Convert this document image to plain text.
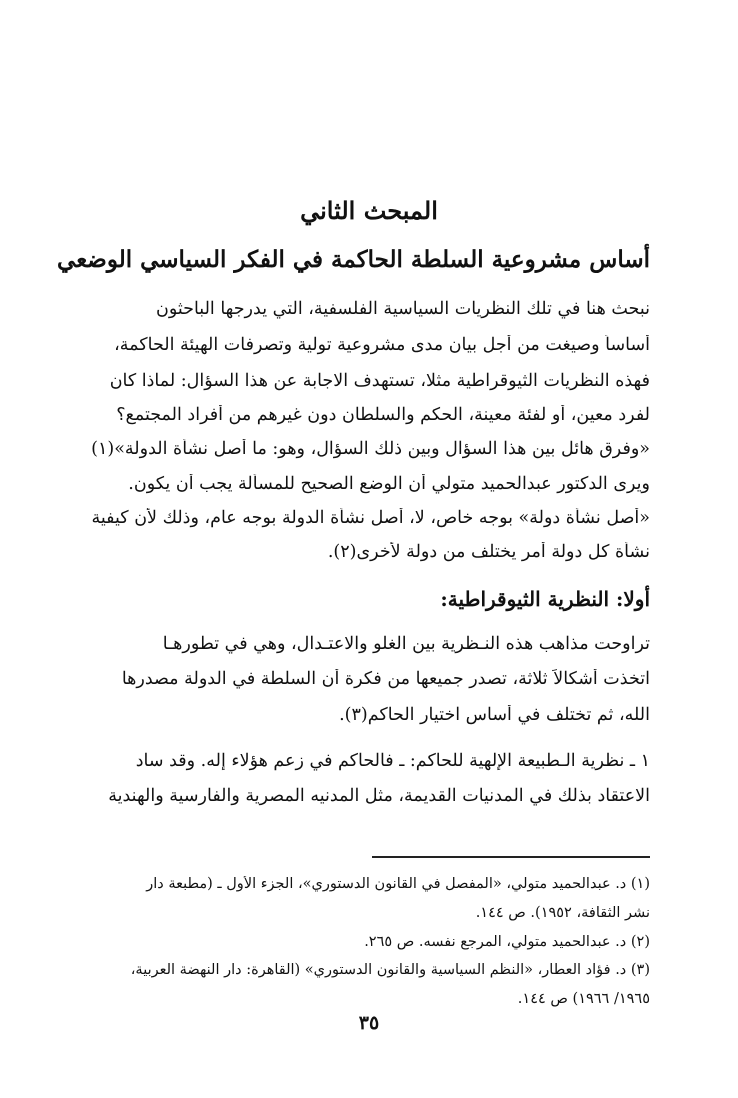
المبحث الثاني
أساس مشروعية السلطة الحاكمة في الفكر السياسي الوضعي

نبحث هنا في تلك النظريات السياسية الفلسفية، التي يدرجها الباحثون

أساساً وصيغت من أجل بيان مدى مشروعية تولية وتصرفات الهيئة الحاكمة،

فهذه النظريات الثيوقراطية مثلا، تستهدف الاجابة عن هذا السؤال: لماذا كان

لفرد معين، أو لفئة معينة، الحكم والسلطان دون غيرهم من أفراد المجتمع؟

«وفرق هائل بين هذا السؤال وبين ذلك السؤال، وهو: ما أصل نشأة الدولة»(١)

ويرى الدكتور عبدالحميد متولي أن الوضع الصحيح للمسألة يجب أن يكون.

«أصل نشأة دولة» بوجه خاص، لا، أصل نشأة الدولة بوجه عام، وذلك لأن كيفية

نشأة كل دولة أمر يختلف من دولة لأخرى(٢).

أولا: النظرية الثيوقراطية:

تراوحت مذاهب هذه النـظرية بين الغلو والاعتـدال، وهي في تطورهـا

اتخذت أشكالاً ثلاثة، تصدر جميعها من فكرة أن السلطة في الدولة مصدرها

الله، ثم تختلف في أساس اختيار الحاكم(٣).

١ ـ نظرية الـطبيعة الإلهية للحاكم: ـ فالحاكم في زعم هؤلاء إله. وقد ساد

الاعتقاد بذلك في المدنيات القديمة، مثل المدنيه المصرية والفارسية والهندية

(١) د. عبدالحميد متولي، «المفصل في القانون الدستوري»، الجزء الأول ـ (مطبعة دار

نشر الثقافة، ١٩٥٢). ص ١٤٤.

(٢) د. عبدالحميد متولي، المرجع نفسه. ص ٢٦٥.

(٣) د. فؤاد العطار، «النظم السياسية والقانون الدستوري» (القاهرة: دار النهضة العربية،

١٩٦٥/ ١٩٦٦) ص ١٤٤.

٣٥
